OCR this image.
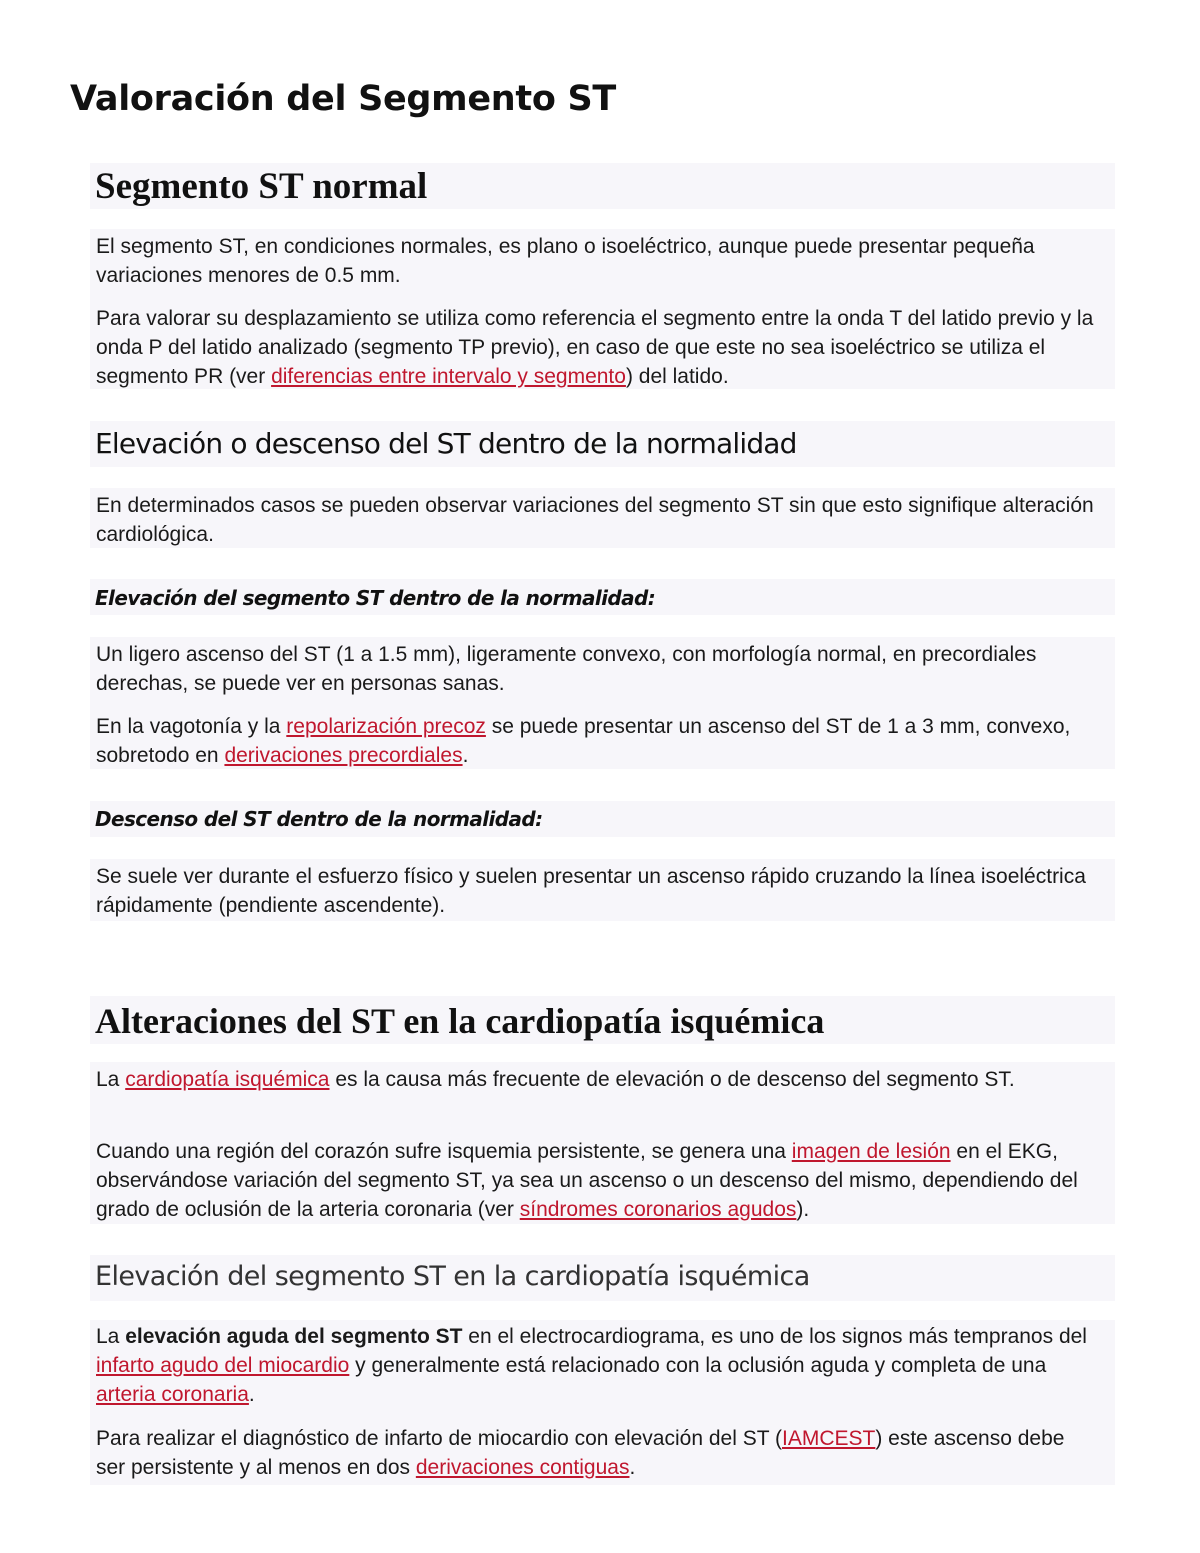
Valoración del Segmento ST
Segmento ST normal

El segmento ST, en condiciones normales, es plano o isoeléctrico, aunque puede presentar pequeña variaciones menores de 0.5 mm.

Para valorar su desplazamiento se utiliza como referencia el segmento entre la onda T del latido previo y la onda P del latido analizado (segmento TP previo), en caso de que este no sea isoeléctrico se utiliza el segmento PR (ver diferencias entre intervalo y segmento) del latido.

Elevación o descenso del ST dentro de la normalidad

En determinados casos se pueden observar variaciones del segmento ST sin que esto signifique alteración cardiológica.

Elevación del segmento ST dentro de la normalidad:

Un ligero ascenso del ST (1 a 1.5 mm), ligeramente convexo, con morfología normal, en precordiales derechas, se puede ver en personas sanas.

En la vagotonía y la repolarización precoz se puede presentar un ascenso del ST de 1 a 3 mm, convexo, sobretodo en derivaciones precordiales.

Descenso del ST dentro de la normalidad:

Se suele ver durante el esfuerzo físico y suelen presentar un ascenso rápido cruzando la línea isoeléctrica rápidamente (pendiente ascendente).

Alteraciones del ST en la cardiopatía isquémica

La cardiopatía isquémica es la causa más frecuente de elevación o de descenso del segmento ST.

Cuando una región del corazón sufre isquemia persistente, se genera una imagen de lesión en el EKG, observándose variación del segmento ST, ya sea un ascenso o un descenso del mismo, dependiendo del grado de oclusión de la arteria coronaria (ver síndromes coronarios agudos).

Elevación del segmento ST en la cardiopatía isquémica

La elevación aguda del segmento ST en el electrocardiograma, es uno de los signos más tempranos del infarto agudo del miocardio y generalmente está relacionado con la oclusión aguda y completa de una arteria coronaria.

Para realizar el diagnóstico de infarto de miocardio con elevación del ST (IAMCEST) este ascenso debe ser persistente y al menos en dos derivaciones contiguas.
